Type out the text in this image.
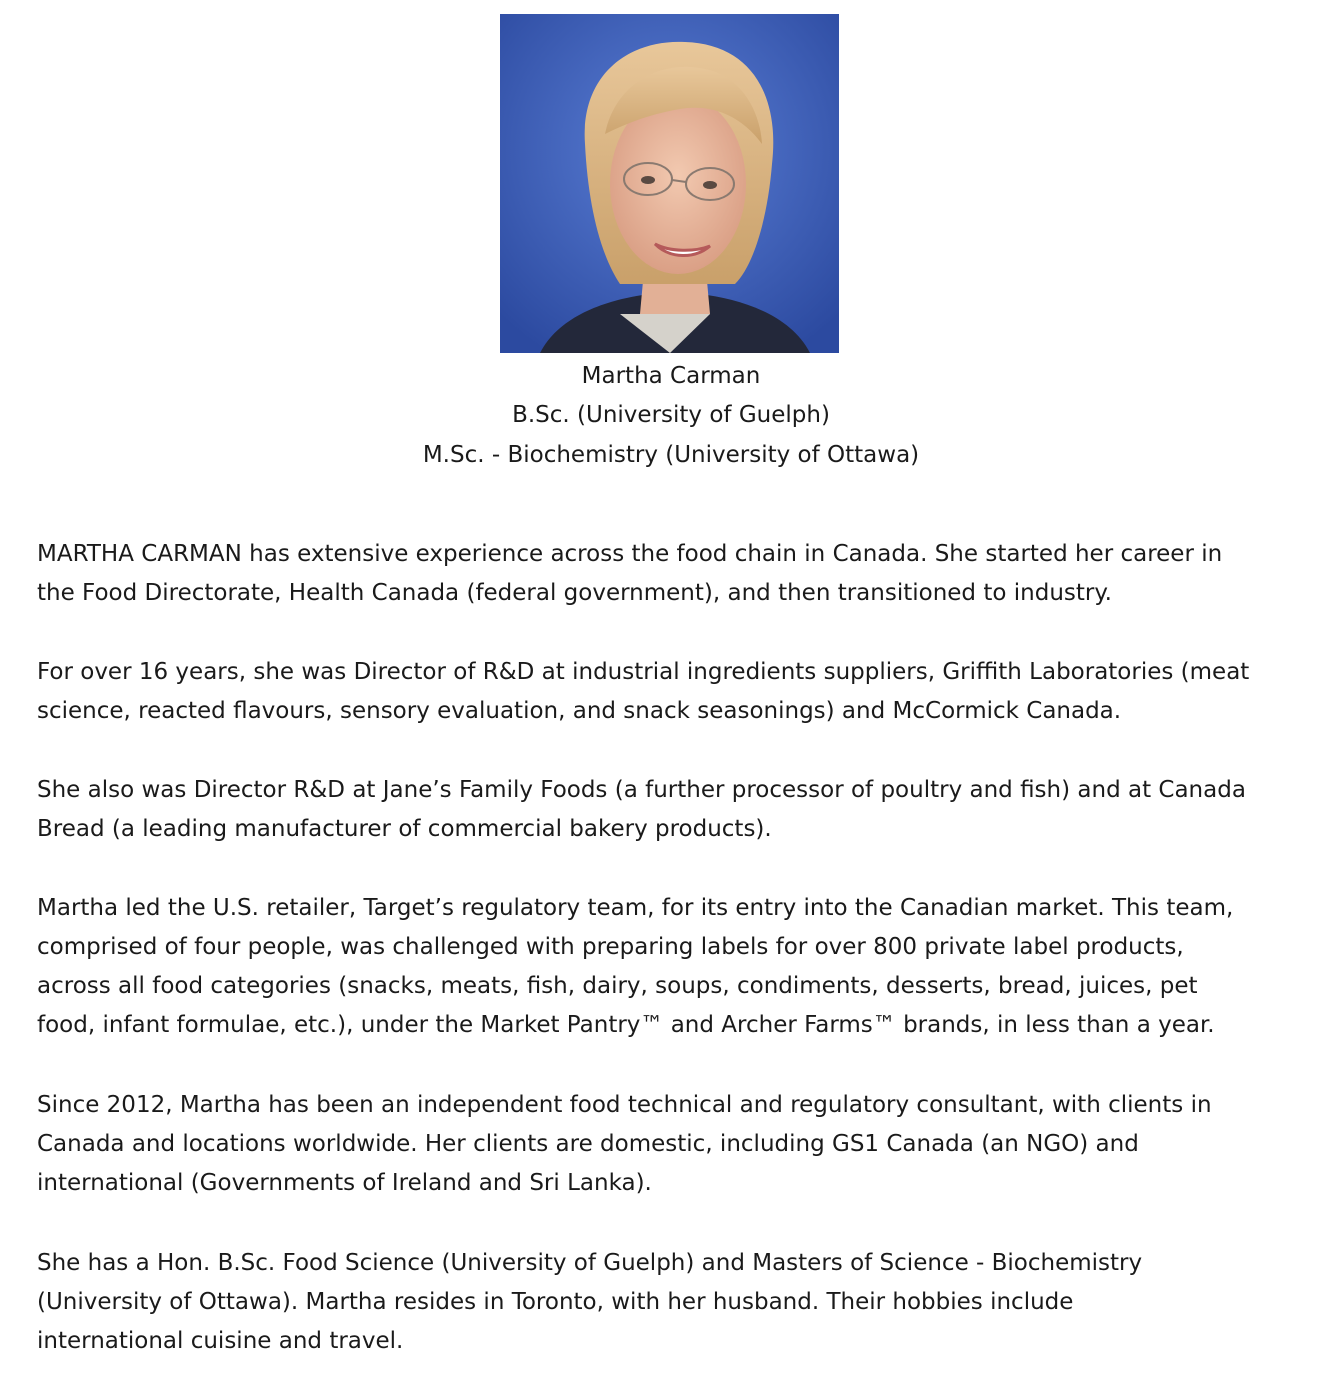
Martha Carman
B.Sc. (University of Guelph)
M.Sc. - Biochemistry (University of Ottawa)
MARTHA CARMAN has extensive experience across the food chain in Canada. She started her career in
the Food Directorate, Health Canada (federal government), and then transitioned to industry.
For over 16 years, she was Director of R&D at industrial ingredients suppliers, Griffith Laboratories (meat
science, reacted flavours, sensory evaluation, and snack seasonings) and McCormick Canada.
She also was Director R&D at Jane’s Family Foods (a further processor of poultry and fish) and at Canada
Bread (a leading manufacturer of commercial bakery products).
Martha led the U.S. retailer, Target’s regulatory team, for its entry into the Canadian market. This team,
comprised of four people, was challenged with preparing labels for over 800 private label products,
across all food categories (snacks, meats, fish, dairy, soups, condiments, desserts, bread, juices, pet
food, infant formulae, etc.), under the Market Pantry™ and Archer Farms™ brands, in less than a year.
Since 2012, Martha has been an independent food technical and regulatory consultant, with clients in
Canada and locations worldwide. Her clients are domestic, including GS1 Canada (an NGO) and
international (Governments of Ireland and Sri Lanka).
She has a Hon. B.Sc. Food Science (University of Guelph) and Masters of Science - Biochemistry
(University of Ottawa). Martha resides in Toronto, with her husband. Their hobbies include
international cuisine and travel.
